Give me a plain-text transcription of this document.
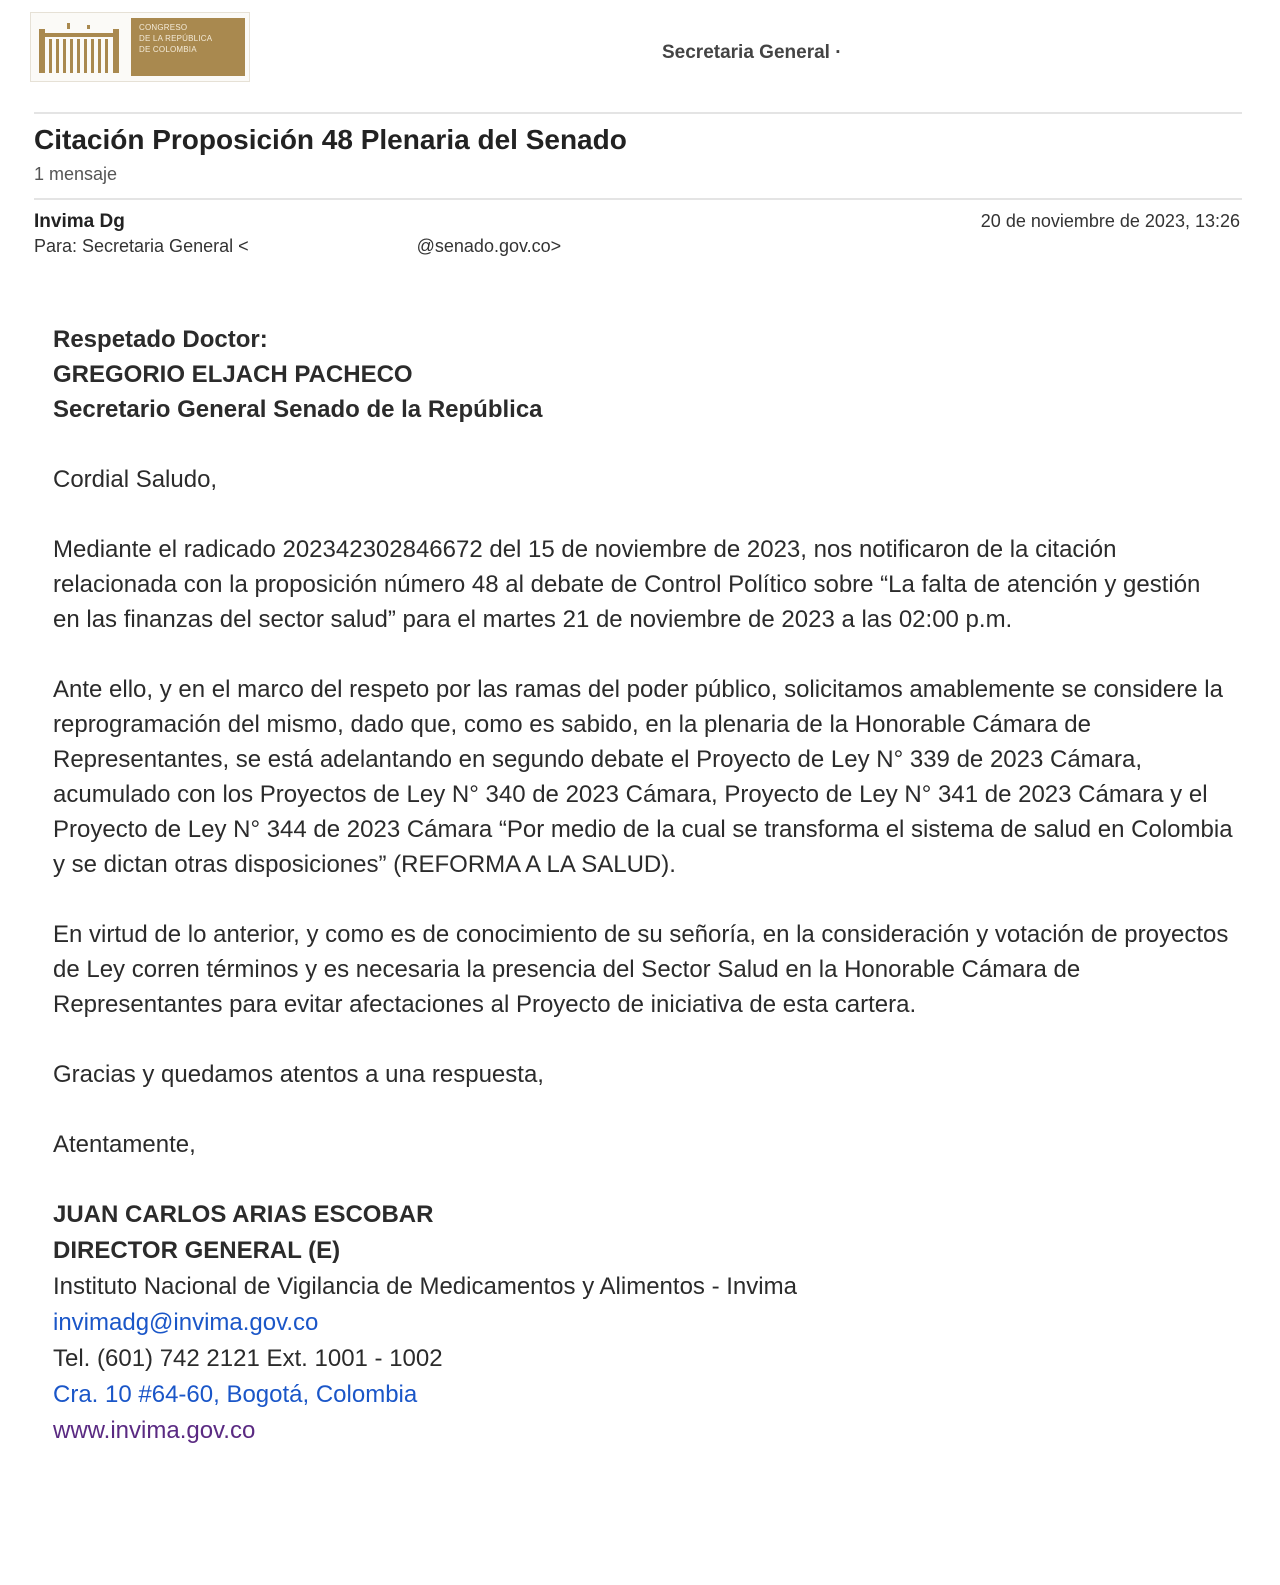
CONGRESO
DE LA REPÚBLICA
DE COLOMBIA	Secretaria General ·
Citación Proposición 48 Plenaria del Senado
1 mensaje
Invima Dg
Para: Secretaria General <	@senado.gov.co>
20 de noviembre de 2023, 13:26

Respetado Doctor:
GREGORIO ELJACH PACHECO
Secretario General Senado de la República

Cordial Saludo,

Mediante el radicado 202342302846672 del 15 de noviembre de 2023, nos notificaron de la citación relacionada con la proposición número 48 al debate de Control Político sobre “La falta de atención y gestión en las finanzas del sector salud” para el martes 21 de noviembre de 2023 a las 02:00 p.m.

Ante ello, y en el marco del respeto por las ramas del poder público, solicitamos amablemente se considere la reprogramación del mismo, dado que, como es sabido, en la plenaria de la Honorable Cámara de Representantes, se está adelantando en segundo debate el Proyecto de Ley N° 339 de 2023 Cámara, acumulado con los Proyectos de Ley N° 340 de 2023 Cámara, Proyecto de Ley N° 341 de 2023 Cámara y el Proyecto de Ley N° 344 de 2023 Cámara “Por medio de la cual se transforma el sistema de salud en Colombia y se dictan otras disposiciones” (REFORMA A LA SALUD).

En virtud de lo anterior, y como es de conocimiento de su señoría, en la consideración y votación de proyectos de Ley corren términos y es necesaria la presencia del Sector Salud en la Honorable Cámara de Representantes para evitar afectaciones al Proyecto de iniciativa de esta cartera.

Gracias y quedamos atentos a una respuesta,

Atentamente,

JUAN CARLOS ARIAS ESCOBAR
DIRECTOR GENERAL (E)
Instituto Nacional de Vigilancia de Medicamentos y Alimentos - Invima
invimadg@invima.gov.co
Tel. (601) 742 2121 Ext. 1001 - 1002
Cra. 10 #64-60, Bogotá, Colombia
www.invima.gov.co
